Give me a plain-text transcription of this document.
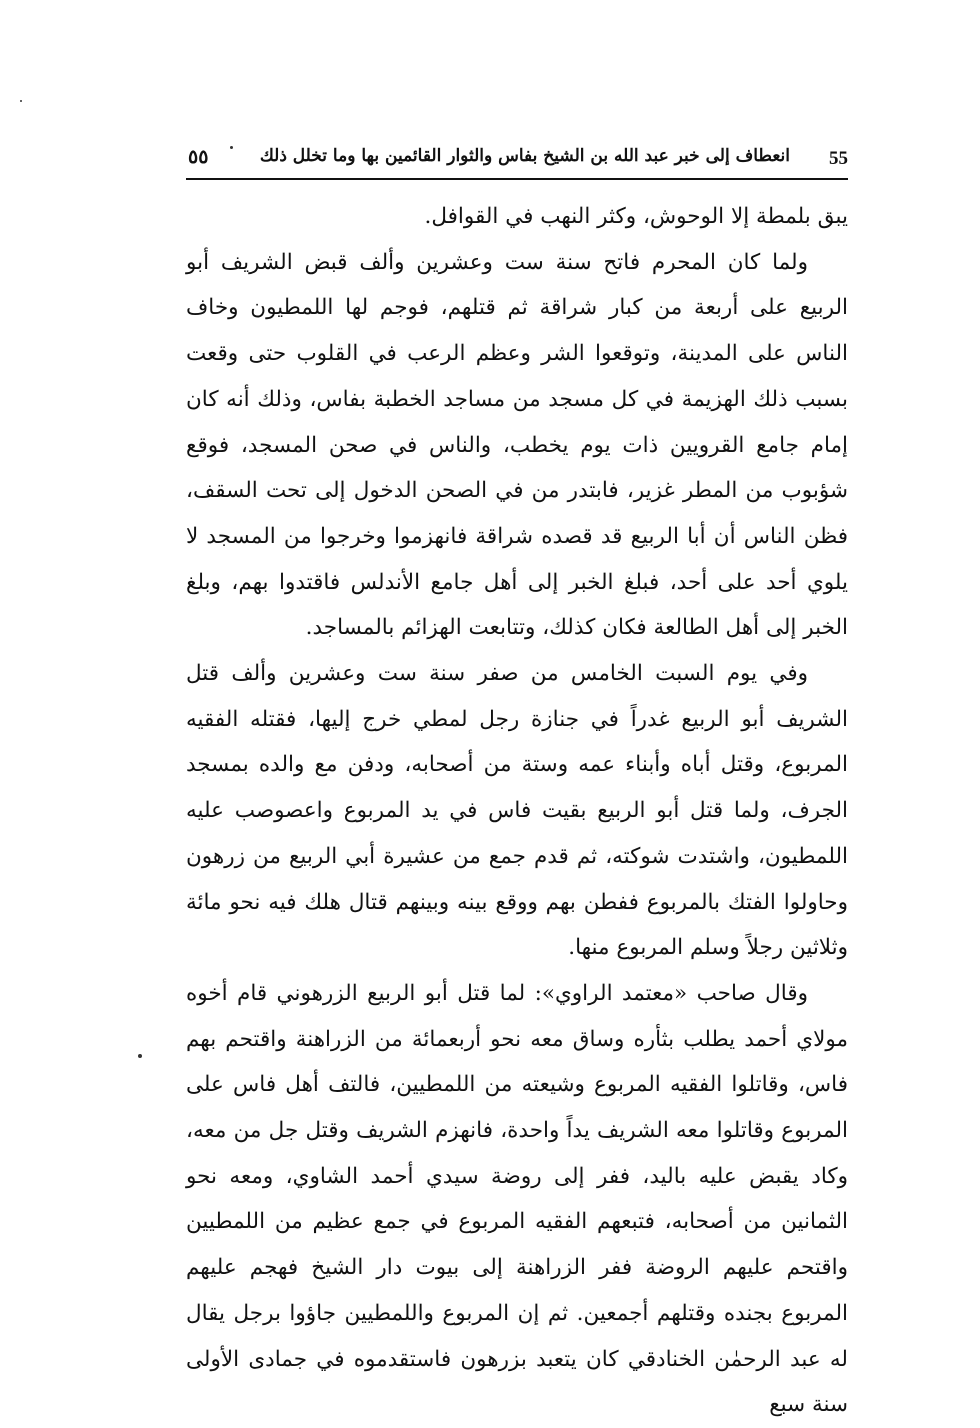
55
انعطاف إلى خبر عبد الله بن الشيخ بفاس والثوار القائمين بها وما تخلل ذلك
٥٥

يبق بلمطة إلا الوحوش، وكثر النهب في القوافل.

ولما كان المحرم فاتح سنة ست وعشرين وألف قبض الشريف أبو الربيع على أربعة من كبار شراقة ثم قتلهم، فوجم لها اللمطيون وخاف الناس على المدينة، وتوقعوا الشر وعظم الرعب في القلوب حتى وقعت بسبب ذلك الهزيمة في كل مسجد من مساجد الخطبة بفاس، وذلك أنه كان إمام جامع القرويين ذات يوم يخطب، والناس في صحن المسجد، فوقع شؤبوب من المطر غزير، فابتدر من في الصحن الدخول إلى تحت السقف، فظن الناس أن أبا الربيع قد قصده شراقة فانهزموا وخرجوا من المسجد لا يلوي أحد على أحد، فبلغ الخبر إلى أهل جامع الأندلس فاقتدوا بهم، وبلغ الخبر إلى أهل الطالعة فكان كذلك، وتتابعت الهزائم بالمساجد.

وفي يوم السبت الخامس من صفر سنة ست وعشرين وألف قتل الشريف أبو الربيع غدراً في جنازة رجل لمطي خرج إليها، فقتله الفقيه المربوع، وقتل أباه وأبناء عمه وستة من أصحابه، ودفن مع والده بمسجد الجرف، ولما قتل أبو الربيع بقيت فاس في يد المربوع واعصوصب عليه اللمطيون، واشتدت شوكته، ثم قدم جمع من عشيرة أبي الربيع من زرهون وحاولوا الفتك بالمربوع ففطن بهم ووقع بينه وبينهم قتال هلك فيه نحو مائة وثلاثين رجلاً وسلم المربوع منها.

وقال صاحب «معتمد الراوي»: لما قتل أبو الربيع الزرهوني قام أخوه مولاي أحمد يطلب بثأره وساق معه نحو أربعمائة من الزراهنة واقتحم بهم فاس، وقاتلوا الفقيه المربوع وشيعته من اللمطيين، فالتف أهل فاس على المربوع وقاتلوا معه الشريف يداً واحدة، فانهزم الشريف وقتل جل من معه، وكاد يقبض عليه باليد، ففر إلى روضة سيدي أحمد الشاوي، ومعه نحو الثمانين من أصحابه، فتبعهم الفقيه المربوع في جمع عظيم من اللمطيين واقتحم عليهم الروضة ففر الزراهنة إلى بيوت دار الشيخ فهجم عليهم المربوع بجنده وقتلهم أجمعين. ثم إن المربوع واللمطيين جاؤوا برجل يقال له عبد الرحمٰن الخنادقي كان يتعبد بزرهون فاستقدموه في جمادى الأولى سنة سبع
